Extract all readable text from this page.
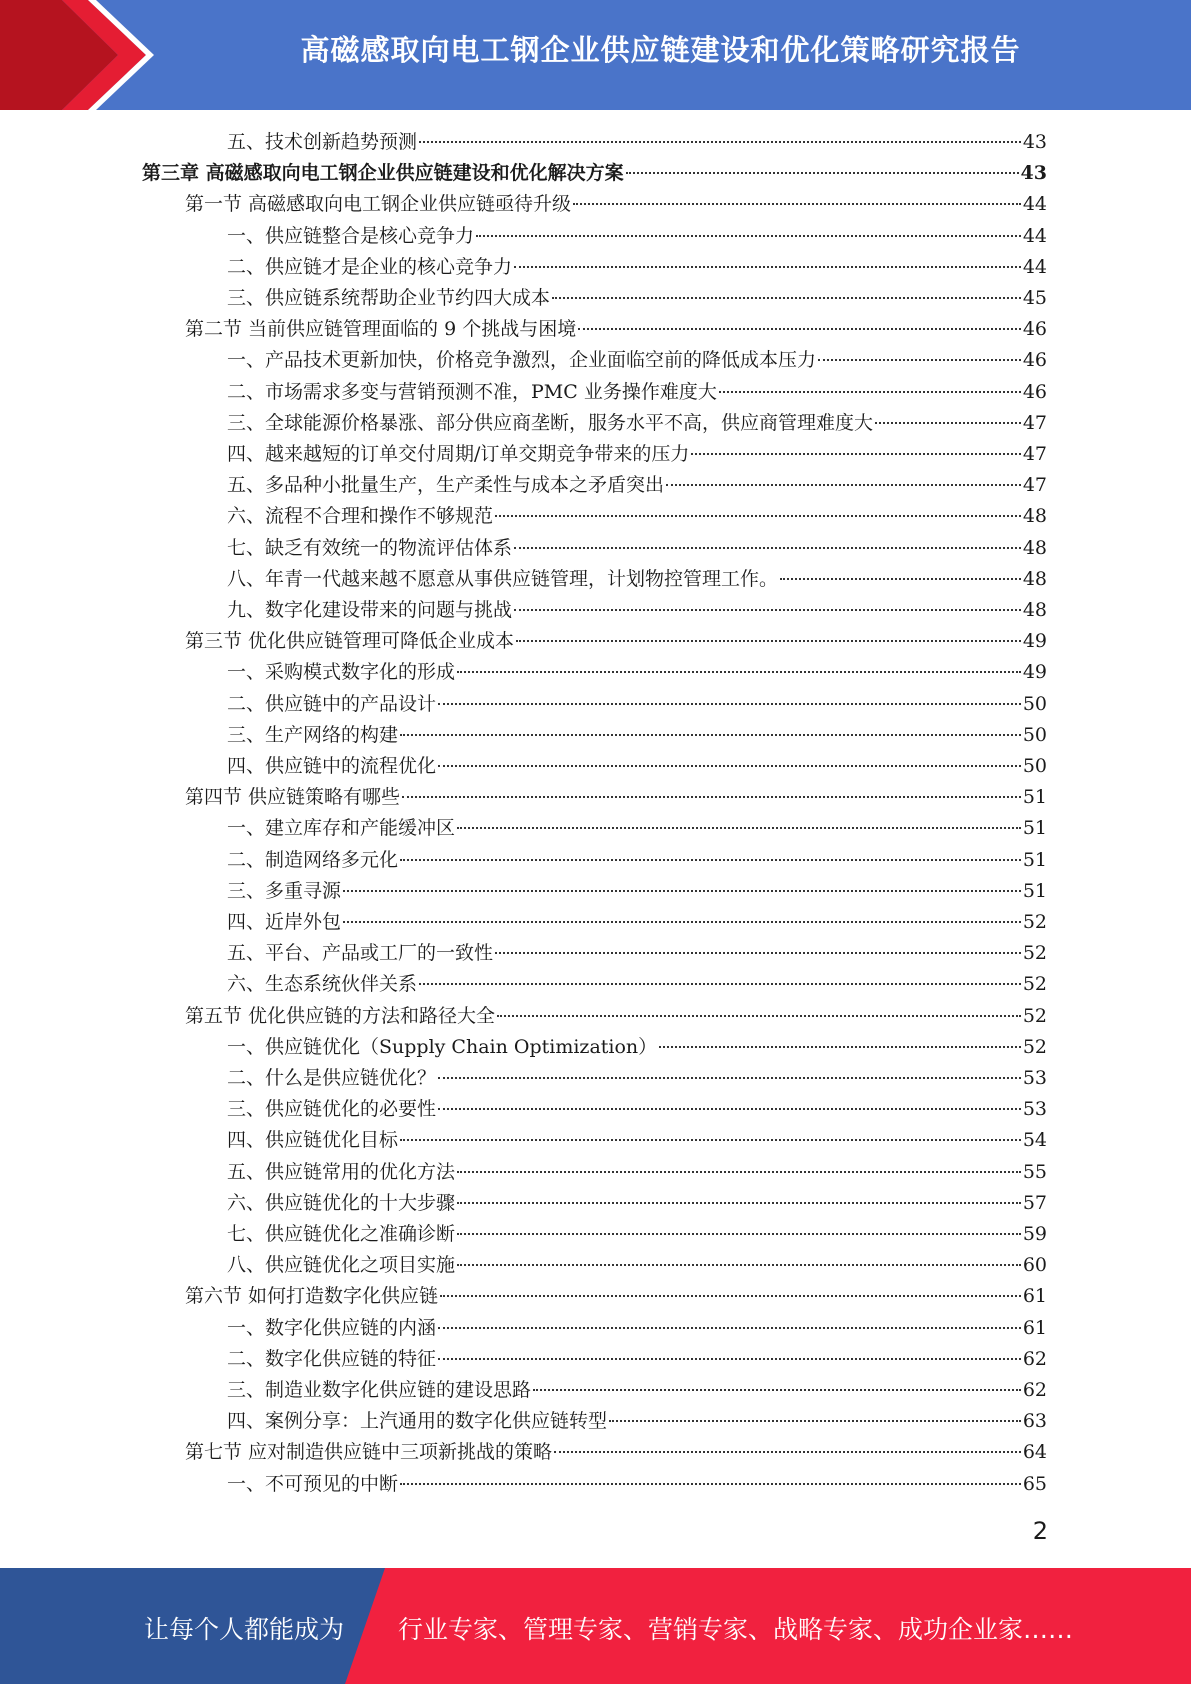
高磁感取向电工钢企业供应链建设和优化策略研究报告
五、技术创新趋势预测	43
第三章 高磁感取向电工钢企业供应链建设和优化解决方案	43
第一节 高磁感取向电工钢企业供应链亟待升级	44
一、供应链整合是核心竞争力	44
二、供应链才是企业的核心竞争力	44
三、供应链系统帮助企业节约四大成本	45
第二节 当前供应链管理面临的 9 个挑战与困境	46
一、产品技术更新加快，价格竞争激烈，企业面临空前的降低成本压力	46
二、市场需求多变与营销预测不准，PMC 业务操作难度大	46
三、全球能源价格暴涨、部分供应商垄断，服务水平不高，供应商管理难度大	47
四、越来越短的订单交付周期/订单交期竞争带来的压力	47
五、多品种小批量生产，生产柔性与成本之矛盾突出	47
六、流程不合理和操作不够规范	48
七、缺乏有效统一的物流评估体系	48
八、年青一代越来越不愿意从事供应链管理，计划物控管理工作。	48
九、数字化建设带来的问题与挑战	48
第三节 优化供应链管理可降低企业成本	49
一、采购模式数字化的形成	49
二、供应链中的产品设计	50
三、生产网络的构建	50
四、供应链中的流程优化	50
第四节 供应链策略有哪些	51
一、建立库存和产能缓冲区	51
二、制造网络多元化	51
三、多重寻源	51
四、近岸外包	52
五、平台、产品或工厂的一致性	52
六、生态系统伙伴关系	52
第五节 优化供应链的方法和路径大全	52
一、供应链优化（Supply Chain Optimization）	52
二、什么是供应链优化？	53
三、供应链优化的必要性	53
四、供应链优化目标	54
五、供应链常用的优化方法	55
六、供应链优化的十大步骤	57
七、供应链优化之准确诊断	59
八、供应链优化之项目实施	60
第六节 如何打造数字化供应链	61
一、数字化供应链的内涵	61
二、数字化供应链的特征	62
三、制造业数字化供应链的建设思路	62
四、案例分享：上汽通用的数字化供应链转型	63
第七节 应对制造供应链中三项新挑战的策略	64
一、不可预见的中断	65
2
让每个人都能成为 行业专家、管理专家、营销专家、战略专家、成功企业家……
